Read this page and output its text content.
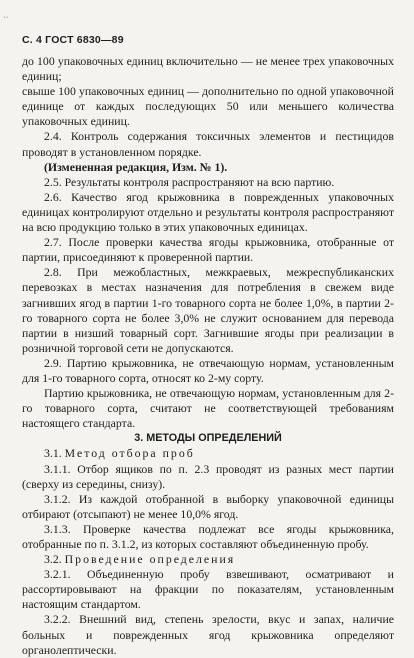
⋅⋅
С. 4 ГОСТ 6830—89

до 100 упаковочных единиц включительно — не менее трех упаковочных единиц;

свыше 100 упаковочных единиц — дополнительно по одной упаковочной единице от каждых последующих 50 или меньшего количества упаковочных единиц.

2.4. Контроль содержания токсичных элементов и пестицидов проводят в установленном порядке.

(Измененная редакция, Изм. № 1).

2.5. Результаты контроля распространяют на всю партию.

2.6. Качество ягод крыжовника в поврежденных упаковочных единицах контролируют отдельно и результаты контроля распространяют на всю продукцию только в этих упаковочных единицах.

2.7. После проверки качества ягоды крыжовника, отобранные от партии, присоединяют к проверенной партии.

2.8. При межобластных, межкраевых, межреспубликанских перевозках в местах назначения для потребления в свежем виде загнивших ягод в партии 1-го товарного сорта не более 1,0%, в партии 2-го товарного сорта не более 3,0% не служит основанием для перевода партии в низший товарный сорт. Загнившие ягоды при реализации в розничной торговой сети не допускаются.

2.9. Партию крыжовника, не отвечающую нормам, установленным для 1-го товарного сорта, относят ко 2-му сорту.

Партию крыжовника, не отвечающую нормам, установленным для 2-го товарного сорта, считают не соответствующей требованиям настоящего стандарта.

3. МЕТОДЫ ОПРЕДЕЛЕНИЙ

3.1. Метод отбора проб

3.1.1. Отбор ящиков по п. 2.3 проводят из разных мест партии (сверху из середины, снизу).

3.1.2. Из каждой отобранной в выборку упаковочной единицы отбирают (отсыпают) не менее 10,0% ягод.

3.1.3. Проверке качества подлежат все ягоды крыжовника, отобранные по п. 3.1.2, из которых составляют объединенную пробу.

3.2. Проведение определения

3.2.1. Объединенную пробу взвешивают, осматривают и рассортировывают на фракции по показателям, установленным настоящим стандартом.

3.2.2. Внешний вид, степень зрелости, вкус и запах, наличие больных и поврежденных ягод крыжовника определяют органолептически.
